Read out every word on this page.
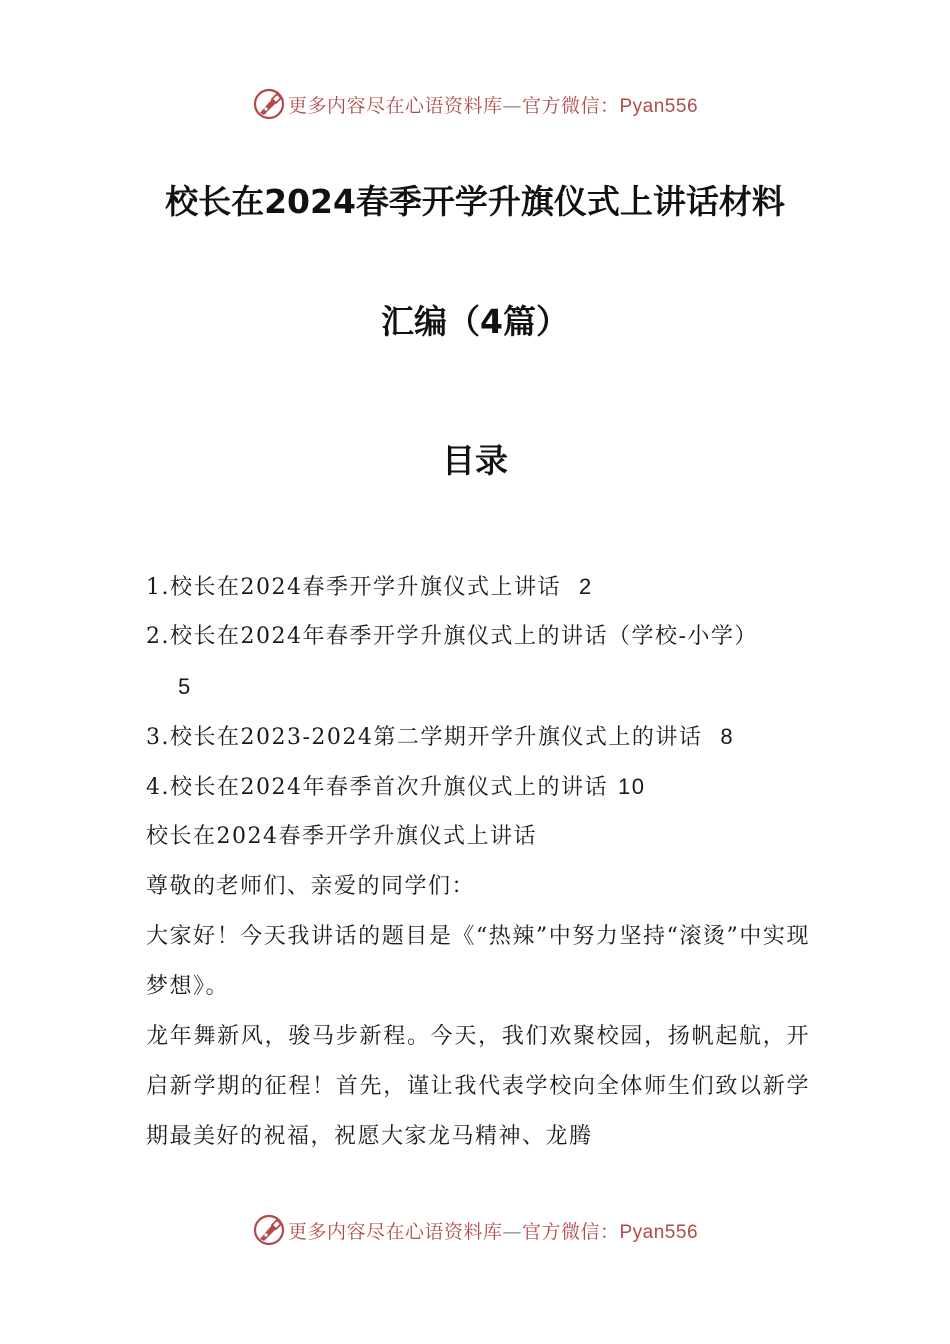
更多内容尽在心语资料库—官方微信：Pyan556
校长在2024春季开学升旗仪式上讲话材料
汇编（4篇）
目录
1.校长在2024春季开学升旗仪式上讲话 2
2.校长在2024年春季开学升旗仪式上的讲话（学校-小学）
5
3.校长在2023-2024第二学期开学升旗仪式上的讲话 8
4.校长在2024年春季首次升旗仪式上的讲话 10

校长在2024春季开学升旗仪式上讲话

尊敬的老师们、亲爱的同学们：

大家好！今天我讲话的题目是《“热辣”中努力坚持“滚烫”中实现梦想》。

龙年舞新风，骏马步新程。今天，我们欢聚校园，扬帆起航，开启新学期的征程！首先，谨让我代表学校向全体师生们致以新学期最美好的祝福，祝愿大家龙马精神、龙腾

更多内容尽在心语资料库—官方微信：Pyan556
